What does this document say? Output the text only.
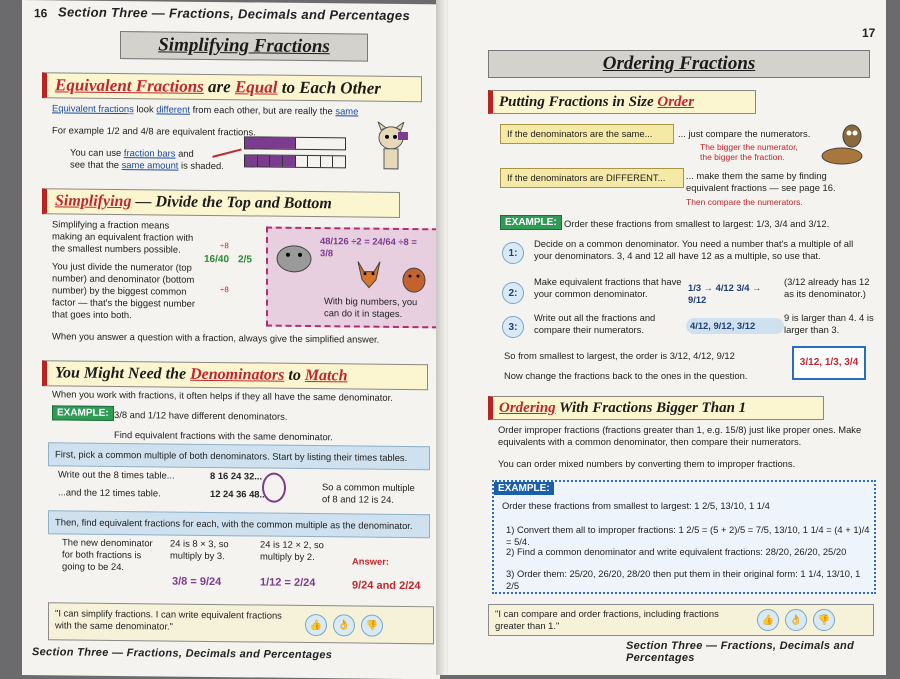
16 Section Three — Fractions, Decimals and Percentages
Simplifying Fractions
Equivalent Fractions are Equal to Each Other
Equivalent fractions look different from each other, but are really the same
For example 1/2 and 4/8 are equivalent fractions.
You can use fraction bars and
see that the same amount is shaded.
Simplifying — Divide the Top and Bottom
Simplifying a fraction means making an equivalent fraction with the smallest numbers possible.
You just divide the numerator (top number) and denominator (bottom number) by the biggest common factor — that's the biggest number that goes into both.
16/40 2/5
÷8
÷8
48/126 ÷2 = 24/64 ÷8 = 3/8
With big numbers, you can do it in stages.
When you answer a question with a fraction, always give the simplified answer.
You Might Need the Denominators to Match
When you work with fractions, it often helps if they all have the same denominator.
EXAMPLE: 3/8 and 1/12 have different denominators.
Find equivalent fractions with the same denominator.
First, pick a common multiple of both denominators. Start by listing their times tables.
Write out the 8 times table...	8 16 24 32...
...and the 12 times table.	12 24 36 48...
So a common multiple of 8 and 12 is 24.
Then, find equivalent fractions for each, with the common multiple as the denominator.
The new denominator for both fractions is going to be 24.
24 is 8 × 3, so multiply by 3.
24 is 12 × 2, so multiply by 2.	Answer:
3/8 = 9/24	1/12 = 2/24	9/24 and 2/24
"I can simplify fractions. I can write equivalent fractions with the same denominator."	👍	👌	👎
Section Three — Fractions, Decimals and Percentages
17
Ordering Fractions
Putting Fractions in Size Order
If the denominators are the same...	... just compare the numerators.
The bigger the numerator,
the bigger the fraction.
If the denominators are DIFFERENT...	... make them the same by finding equivalent fractions — see page 16.
Then compare the numerators.
EXAMPLE: Order these fractions from smallest to largest: 1/3, 3/4 and 3/12.
1:
Decide on a common denominator. You need a number that's a multiple of all your denominators. 3, 4 and 12 all have 12 as a multiple, so use that.
2:
Make equivalent fractions that have your common denominator.
1/3 → 4/12 3/4 → 9/12
(3/12 already has 12 as its denominator.)
3:
Write out all the fractions and compare their numerators.	4/12, 9/12, 3/12
9 is larger than 4. 4 is larger than 3.
So from smallest to largest, the order is 3/12, 4/12, 9/12
Now change the fractions back to the ones in the question.
3/12, 1/3, 3/4
Ordering With Fractions Bigger Than 1
Order improper fractions (fractions greater than 1, e.g. 15/8) just like proper ones. Make equivalents with a common denominator, then compare their numerators.
You can order mixed numbers by converting them to improper fractions.
EXAMPLE:
Order these fractions from smallest to largest: 1 2/5, 13/10, 1 1/4
1) Convert them all to improper fractions: 1 2/5 = (5 + 2)/5 = 7/5, 13/10, 1 1/4 = (4 + 1)/4 = 5/4.
2) Find a common denominator and write equivalent fractions: 28/20, 26/20, 25/20
3) Order them: 25/20, 26/20, 28/20 then put them in their original form: 1 1/4, 13/10, 1 2/5
"I can compare and order fractions, including fractions greater than 1."	👍	👌	👎
Section Three — Fractions, Decimals and Percentages
